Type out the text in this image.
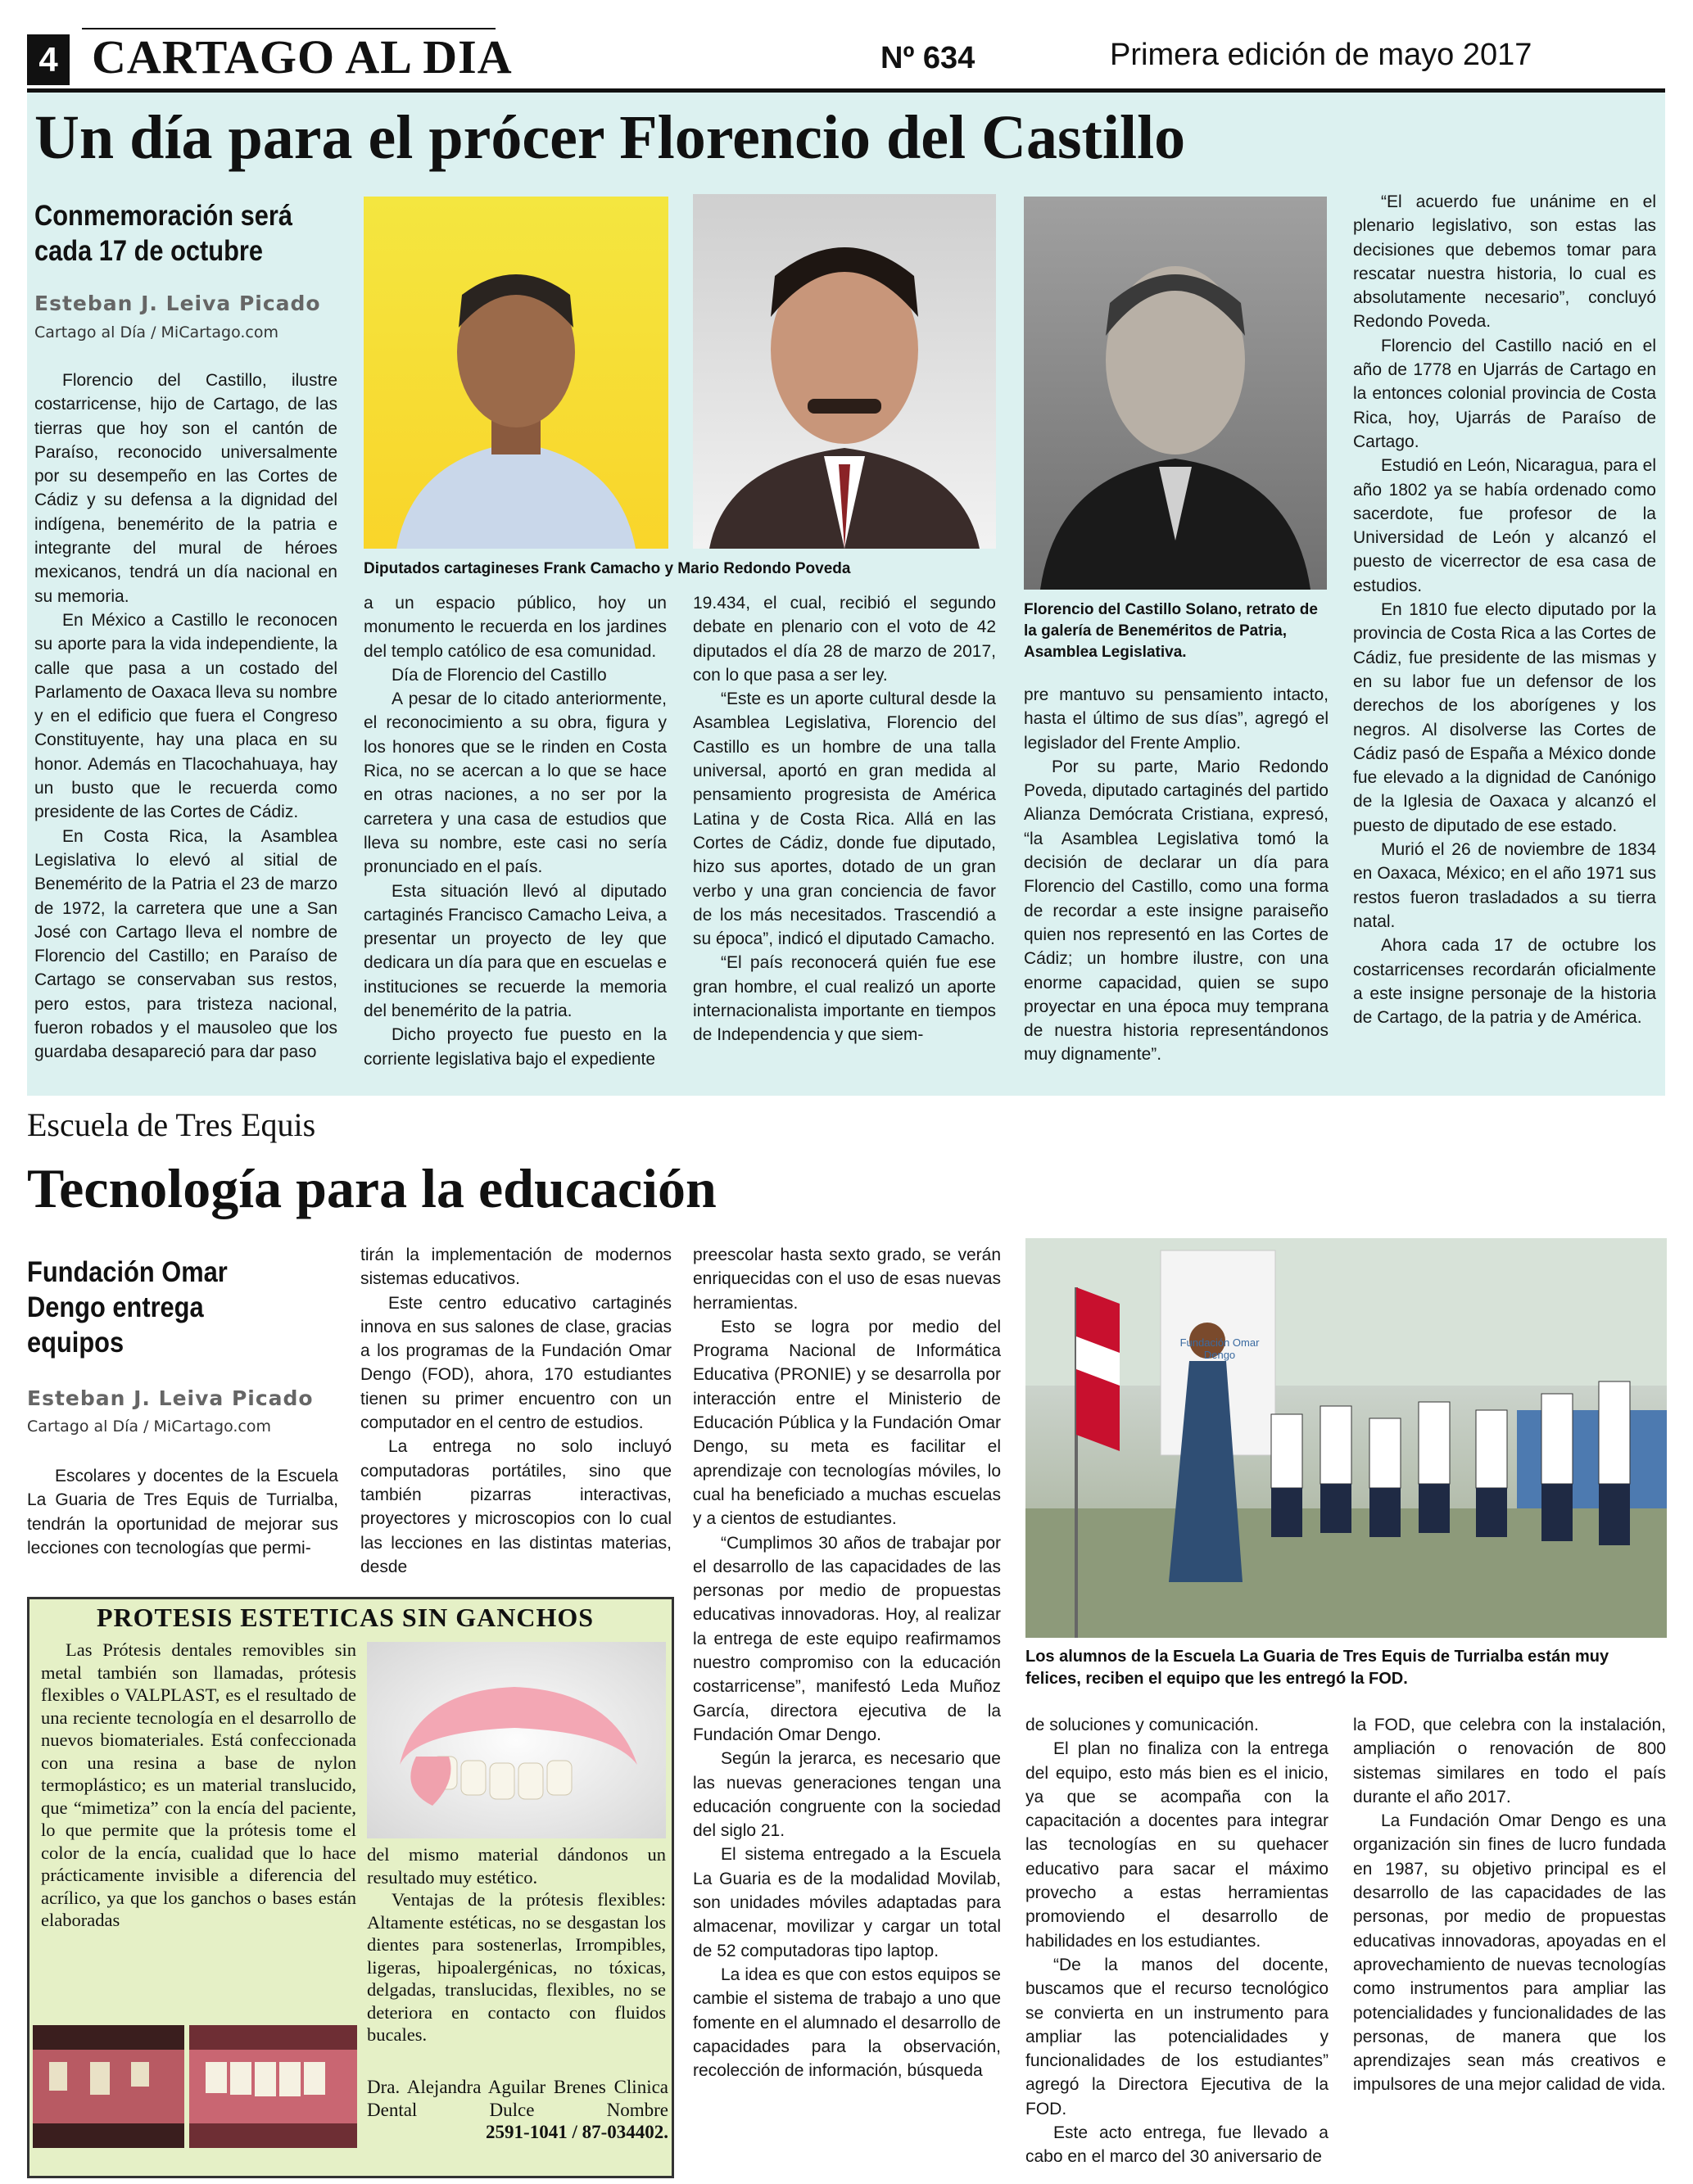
4 CARTAGO AL DIA	Nº 634	Primera edición de mayo 2017
Un día para el prócer Florencio del Castillo
Conmemoración será cada 17 de octubre
Esteban J. Leiva Picado
Cartago al Día / MiCartago.com

Florencio del Castillo, ilustre costarricense, hijo de Cartago, de las tierras que hoy son el cantón de Paraíso, reconocido universalmente por su desempeño en las Cortes de Cádiz y su defensa a la dignidad del indígena, benemérito de la patria e integrante del mural de héroes mexicanos, tendrá un día nacional en su memoria.

En México a Castillo le reconocen su aporte para la vida independiente, la calle que pasa a un costado del Parlamento de Oaxaca lleva su nombre y en el edificio que fuera el Congreso Constituyente, hay una placa en su honor. Además en Tlacochahuaya, hay un busto que le recuerda como presidente de las Cortes de Cádiz.

En Costa Rica, la Asamblea Legislativa lo elevó al sitial de Benemérito de la Patria el 23 de marzo de 1972, la carretera que une a San José con Cartago lleva el nombre de Florencio del Castillo; en Paraíso de Cartago se conservaban sus restos, pero estos, para tristeza nacional, fueron robados y el mausoleo que los guardaba desapareció para dar paso

Diputados cartagineses Frank Camacho y Mario Redondo Poveda
Florencio del Castillo Solano, retrato de la galería de Beneméritos de Patria, Asamblea Legislativa.

a un espacio público, hoy un monumento le recuerda en los jardines del templo católico de esa comunidad.

Día de Florencio del Castillo

A pesar de lo citado anteriormente, el reconocimiento a su obra, figura y los honores que se le rinden en Costa Rica, no se acercan a lo que se hace en otras naciones, a no ser por la carretera y una casa de estudios que lleva su nombre, este casi no sería pronunciado en el país.

Esta situación llevó al diputado cartaginés Francisco Camacho Leiva, a presentar un proyecto de ley que dedicara un día para que en escuelas e instituciones se recuerde la memoria del benemérito de la patria.

Dicho proyecto fue puesto en la corriente legislativa bajo el expediente

19.434, el cual, recibió el segundo debate en plenario con el voto de 42 diputados el día 28 de marzo de 2017, con lo que pasa a ser ley.

“Este es un aporte cultural desde la Asamblea Legislativa, Florencio del Castillo es un hombre de una talla universal, aportó en gran medida al pensamiento progresista de América Latina y de Costa Rica. Allá en las Cortes de Cádiz, donde fue diputado, hizo sus aportes, dotado de un gran verbo y una gran conciencia de favor de los más necesitados. Trascendió a su época”, indicó el diputado Camacho.

“El país reconocerá quién fue ese gran hombre, el cual realizó un aporte internacionalista importante en tiempos de Independencia y que siem-

pre mantuvo su pensamiento intacto, hasta el último de sus días”, agregó el legislador del Frente Amplio.

Por su parte, Mario Redondo Poveda, diputado cartaginés del partido Alianza Demócrata Cristiana, expresó, “la Asamblea Legislativa tomó la decisión de declarar un día para Florencio del Castillo, como una forma de recordar a este insigne paraiseño quien nos representó en las Cortes de Cádiz; un hombre ilustre, con una enorme capacidad, quien se supo proyectar en una época muy temprana de nuestra historia representándonos muy dignamente”.

“El acuerdo fue unánime en el plenario legislativo, son estas las decisiones que debemos tomar para rescatar nuestra historia, lo cual es absolutamente necesario”, concluyó Redondo Poveda.

Florencio del Castillo nació en el año de 1778 en Ujarrás de Cartago en la entonces colonial provincia de Costa Rica, hoy, Ujarrás de Paraíso de Cartago.

Estudió en León, Nicaragua, para el año 1802 ya se había ordenado como sacerdote, fue profesor de la Universidad de León y alcanzó el puesto de vicerrector de esa casa de estudios.

En 1810 fue electo diputado por la provincia de Costa Rica a las Cortes de Cádiz, fue presidente de las mismas y en su labor fue un defensor de los derechos de los aborígenes y los negros. Al disolverse las Cortes de Cádiz pasó de España a México donde fue elevado a la dignidad de Canónigo de la Iglesia de Oaxaca y alcanzó el puesto de diputado de ese estado.

Murió el 26 de noviembre de 1834 en Oaxaca, México; en el año 1971 sus restos fueron trasladados a su tierra natal.

Ahora cada 17 de octubre los costarricenses recordarán oficialmente a este insigne personaje de la historia de Cartago, de la patria y de América.

Escuela de Tres Equis
Tecnología para la educación
Fundación Omar Dengo entrega equipos
Esteban J. Leiva Picado
Cartago al Día / MiCartago.com

Escolares y docentes de la Escuela La Guaria de Tres Equis de Turrialba, tendrán la oportunidad de mejorar sus lecciones con tecnologías que permi-

tirán la implementación de modernos sistemas educativos.

Este centro educativo cartaginés innova en sus salones de clase, gracias a los programas de la Fundación Omar Dengo (FOD), ahora, 170 estudiantes tienen su primer encuentro con un computador en el centro de estudios.

La entrega no solo incluyó computadoras portátiles, sino que también pizarras interactivas, proyectores y microscopios con lo cual las lecciones en las distintas materias, desde

preescolar hasta sexto grado, se verán enriquecidas con el uso de esas nuevas herramientas.

Esto se logra por medio del Programa Nacional de Informática Educativa (PRONIE) y se desarrolla por interacción entre el Ministerio de Educación Pública y la Fundación Omar Dengo, su meta es facilitar el aprendizaje con tecnologías móviles, lo cual ha beneficiado a muchas escuelas y a cientos de estudiantes.

“Cumplimos 30 años de trabajar por el desarrollo de las capacidades de las personas por medio de propuestas educativas innovadoras. Hoy, al realizar la entrega de este equipo reafirmamos nuestro compromiso con la educación costarricense”, manifestó Leda Muñoz García, directora ejecutiva de la Fundación Omar Dengo.

Según la jerarca, es necesario que las nuevas generaciones tengan una educación congruente con la sociedad del siglo 21.

El sistema entregado a la Escuela La Guaria es de la modalidad Movilab, son unidades móviles adaptadas para almacenar, movilizar y cargar un total de 52 computadoras tipo laptop.

La idea es que con estos equipos se cambie el sistema de trabajo a uno que fomente en el alumnado el desarrollo de capacidades para la observación, recolección de información, búsqueda

Fundación Omar Dengo
Los alumnos de la Escuela La Guaria de Tres Equis de Turrialba están muy felices, reciben el equipo que les entregó la FOD.

de soluciones y comunicación.

El plan no finaliza con la entrega del equipo, esto más bien es el inicio, ya que se acompaña con la capacitación a docentes para integrar las tecnologías en su quehacer educativo para sacar el máximo provecho a estas herramientas promoviendo el desarrollo de habilidades en los estudiantes.

“De la manos del docente, buscamos que el recurso tecnológico se convierta en un instrumento para ampliar las potencialidades y funcionalidades de los estudiantes” agregó la Directora Ejecutiva de la FOD.

Este acto entrega, fue llevado a cabo en el marco del 30 aniversario de

la FOD, que celebra con la instalación, ampliación o renovación de 800 sistemas similares en todo el país durante el año 2017.

La Fundación Omar Dengo es una organización sin fines de lucro fundada en 1987, su objetivo principal es el desarrollo de las capacidades de las personas, por medio de propuestas educativas innovadoras, apoyadas en el aprovechamiento de nuevas tecnologías como instrumentos para ampliar las potencialidades y funcionalidades de las personas, de manera que los aprendizajes sean más creativos e impulsores de una mejor calidad de vida.

PROTESIS ESTETICAS SIN GANCHOS

Las Prótesis dentales removibles sin metal también son llamadas, prótesis flexibles o VALPLAST, es el resultado de una reciente tecnología en el desarrollo de nuevos biomateriales. Está confeccionada con una resina a base de nylon termoplástico; es un material translucido, que “mimetiza” con la encía del paciente, lo que permite que la prótesis tome el color de la encía, cualidad que lo hace prácticamente invisible a diferencia del acrílico, ya que los ganchos o bases están elaboradas

del mismo material dándonos un resultado muy estético.

Ventajas de la prótesis flexibles: Altamente estéticas, no se desgastan los dientes para sostenerlas, Irrompibles, ligeras, hipoalergénicas, no tóxicas, delgadas, translucidas, flexibles, no se deteriora en contacto con fluidos bucales.

Dra. Alejandra Aguilar Brenes Clinica Dental Dulce Nombre
2591-1041 / 87-034402.
